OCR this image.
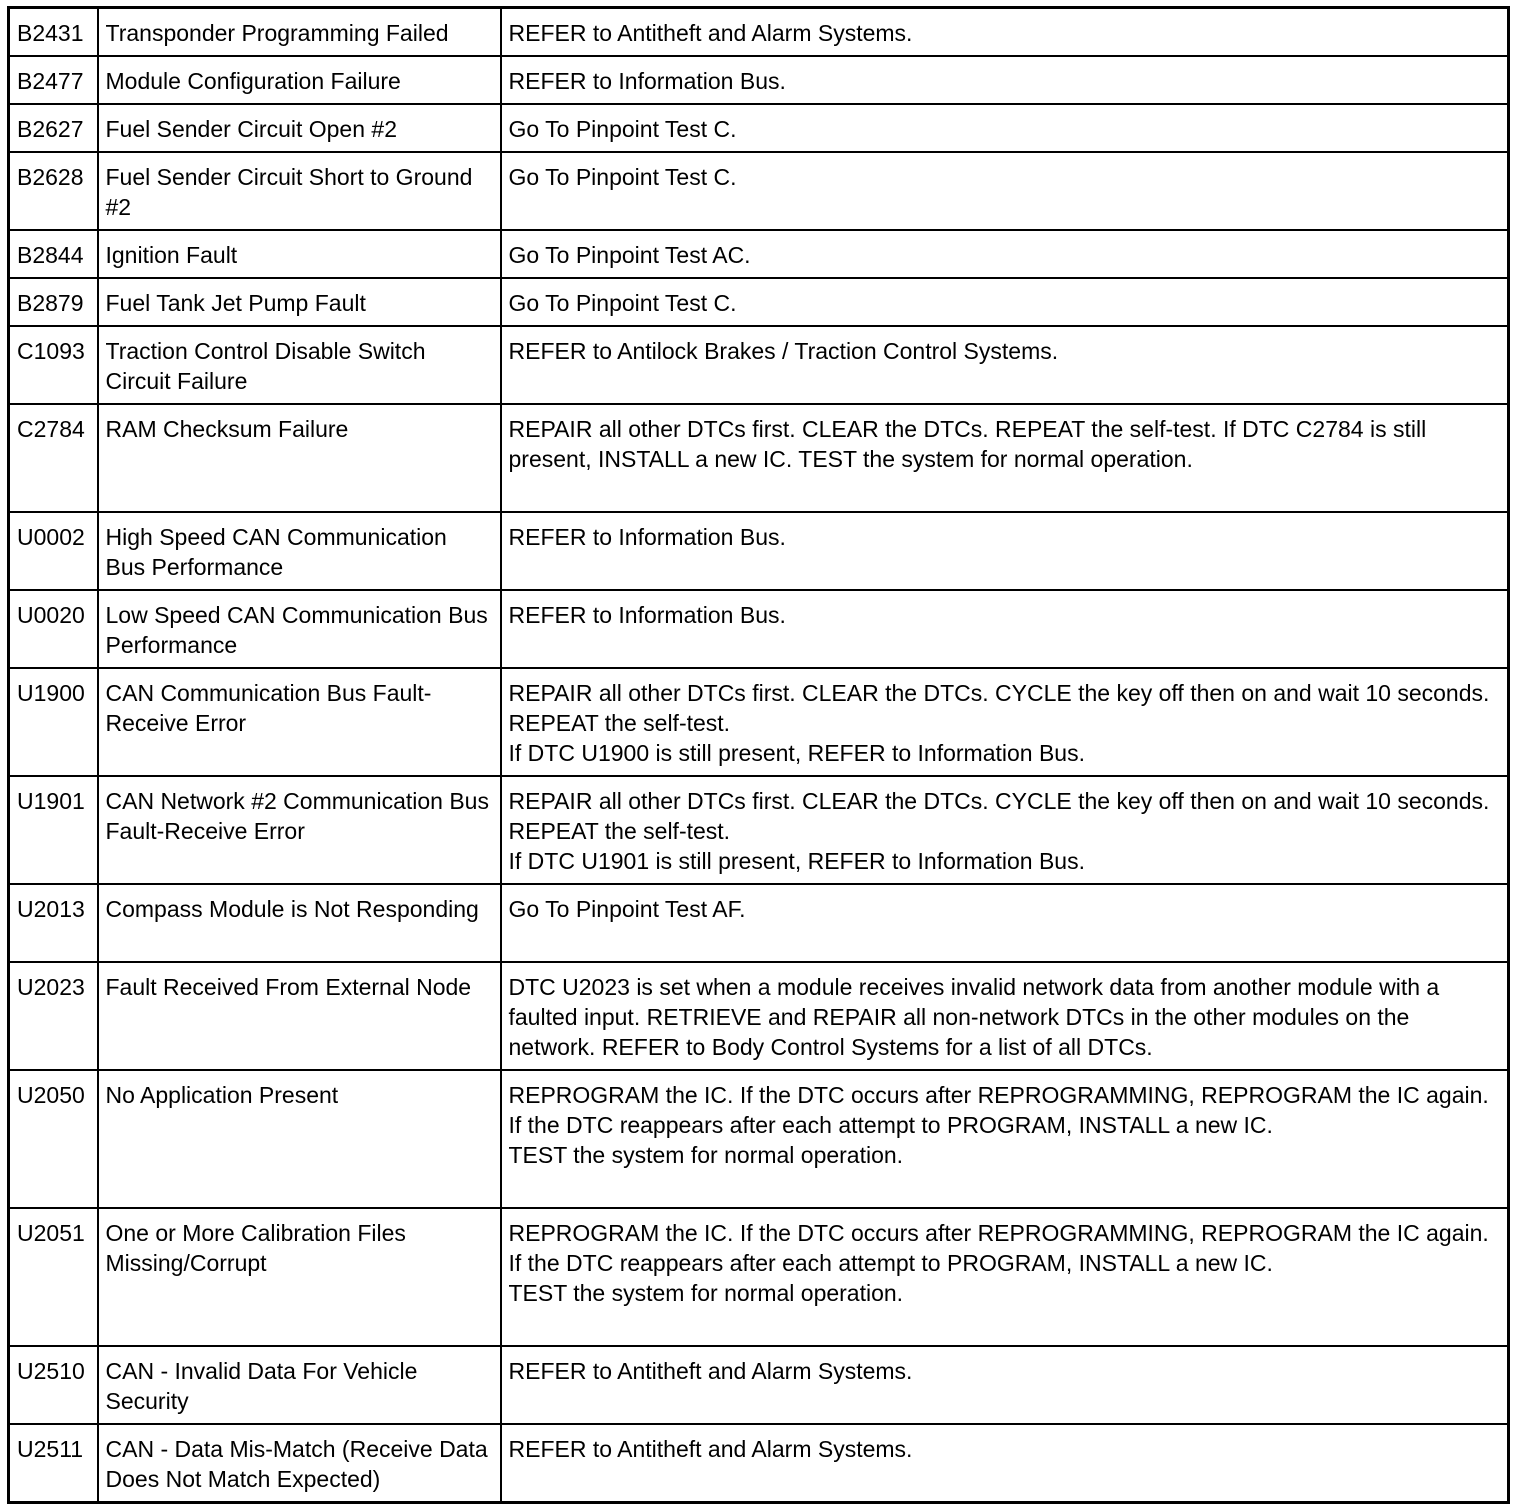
B2431	Transponder Programming Failed	REFER to Antitheft and Alarm Systems.

B2477	Module Configuration Failure	REFER to Information Bus.

B2627	Fuel Sender Circuit Open #2	Go To Pinpoint Test C.

B2628	Fuel Sender Circuit Short to Ground #2	Go To Pinpoint Test C.

B2844	Ignition Fault	Go To Pinpoint Test AC.

B2879	Fuel Tank Jet Pump Fault	Go To Pinpoint Test C.

C1093	Traction Control Disable Switch Circuit Failure	REFER to Antilock Brakes / Traction Control Systems.

C2784	RAM Checksum Failure	REPAIR all other DTCs first. CLEAR the DTCs. REPEAT the self-test. If DTC C2784 is still present, INSTALL a new IC. TEST the system for normal operation.

U0002	High Speed CAN Communication Bus Performance	REFER to Information Bus.

U0020	Low Speed CAN Communication Bus Performance	REFER to Information Bus.

U1900	CAN Communication Bus Fault-Receive Error	REPAIR all other DTCs first. CLEAR the DTCs. CYCLE the key off then on and wait 10 seconds. REPEAT the self-test.
If DTC U1900 is still present, REFER to Information Bus.

U1901	CAN Network #2 Communication Bus Fault-Receive Error	REPAIR all other DTCs first. CLEAR the DTCs. CYCLE the key off then on and wait 10 seconds. REPEAT the self-test.
If DTC U1901 is still present, REFER to Information Bus.

U2013	Compass Module is Not Responding	Go To Pinpoint Test AF.

U2023	Fault Received From External Node	DTC U2023 is set when a module receives invalid network data from another module with a faulted input. RETRIEVE and REPAIR all non-network DTCs in the other modules on the network. REFER to Body Control Systems for a list of all DTCs.

U2050	No Application Present	REPROGRAM the IC. If the DTC occurs after REPROGRAMMING, REPROGRAM the IC again.
If the DTC reappears after each attempt to PROGRAM, INSTALL a new IC.
TEST the system for normal operation.

U2051	One or More Calibration Files Missing/Corrupt	REPROGRAM the IC. If the DTC occurs after REPROGRAMMING, REPROGRAM the IC again.
If the DTC reappears after each attempt to PROGRAM, INSTALL a new IC.
TEST the system for normal operation.

U2510	CAN - Invalid Data For Vehicle Security	REFER to Antitheft and Alarm Systems.

U2511	CAN - Data Mis-Match (Receive Data Does Not Match Expected)	REFER to Antitheft and Alarm Systems.
